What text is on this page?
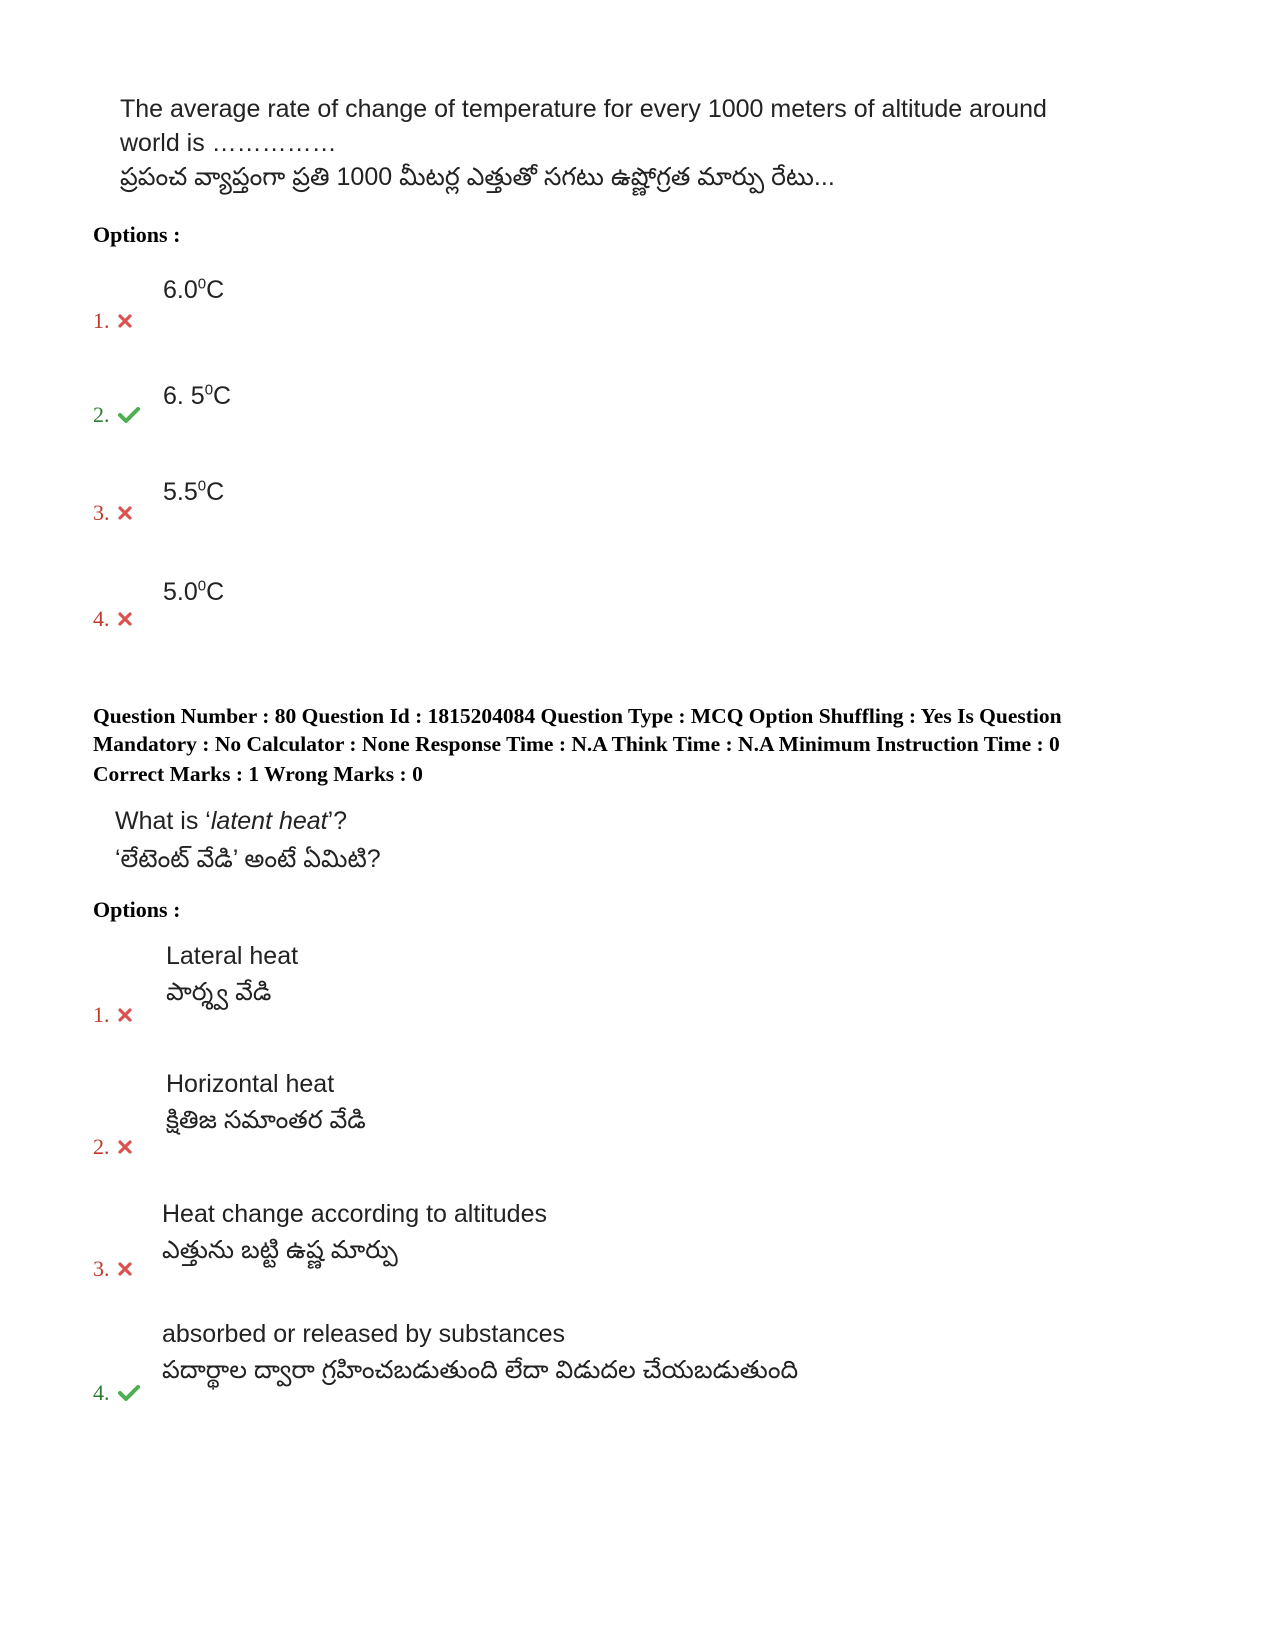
The average rate of change of temperature for every 1000 meters of altitude around
world is ……………
ప్రపంచ వ్యాప్తంగా ప్రతి 1000 మీటర్ల ఎత్తుతో సగటు ఉష్ణోగ్రత మార్పు రేటు...
Options :
$6.0^0C$
1.
6. $5^0C$
2.
$5.5^0C$
3.
$5.0^0C$
4.
Question Number : 80 Question Id : 1815204084 Question Type : MCQ Option Shuffling : Yes Is Question
Mandatory : No Calculator : None Response Time : N.A Think Time : N.A Minimum Instruction Time : 0
Correct Marks : 1 Wrong Marks : 0
What is ‘latent heat’?
‘లేటెంట్ వేడి’ అంటే ఏమిటి?
Options :
Lateral heat
పార్శ్వ వేడి
1.
Horizontal heat
క్షితిజ సమాంతర వేడి
2.
Heat change according to altitudes
ఎత్తును బట్టి ఉష్ణ మార్పు
3.
absorbed or released by substances
పదార్థాల ద్వారా గ్రహించబడుతుంది లేదా విడుదల చేయబడుతుంది
4.
